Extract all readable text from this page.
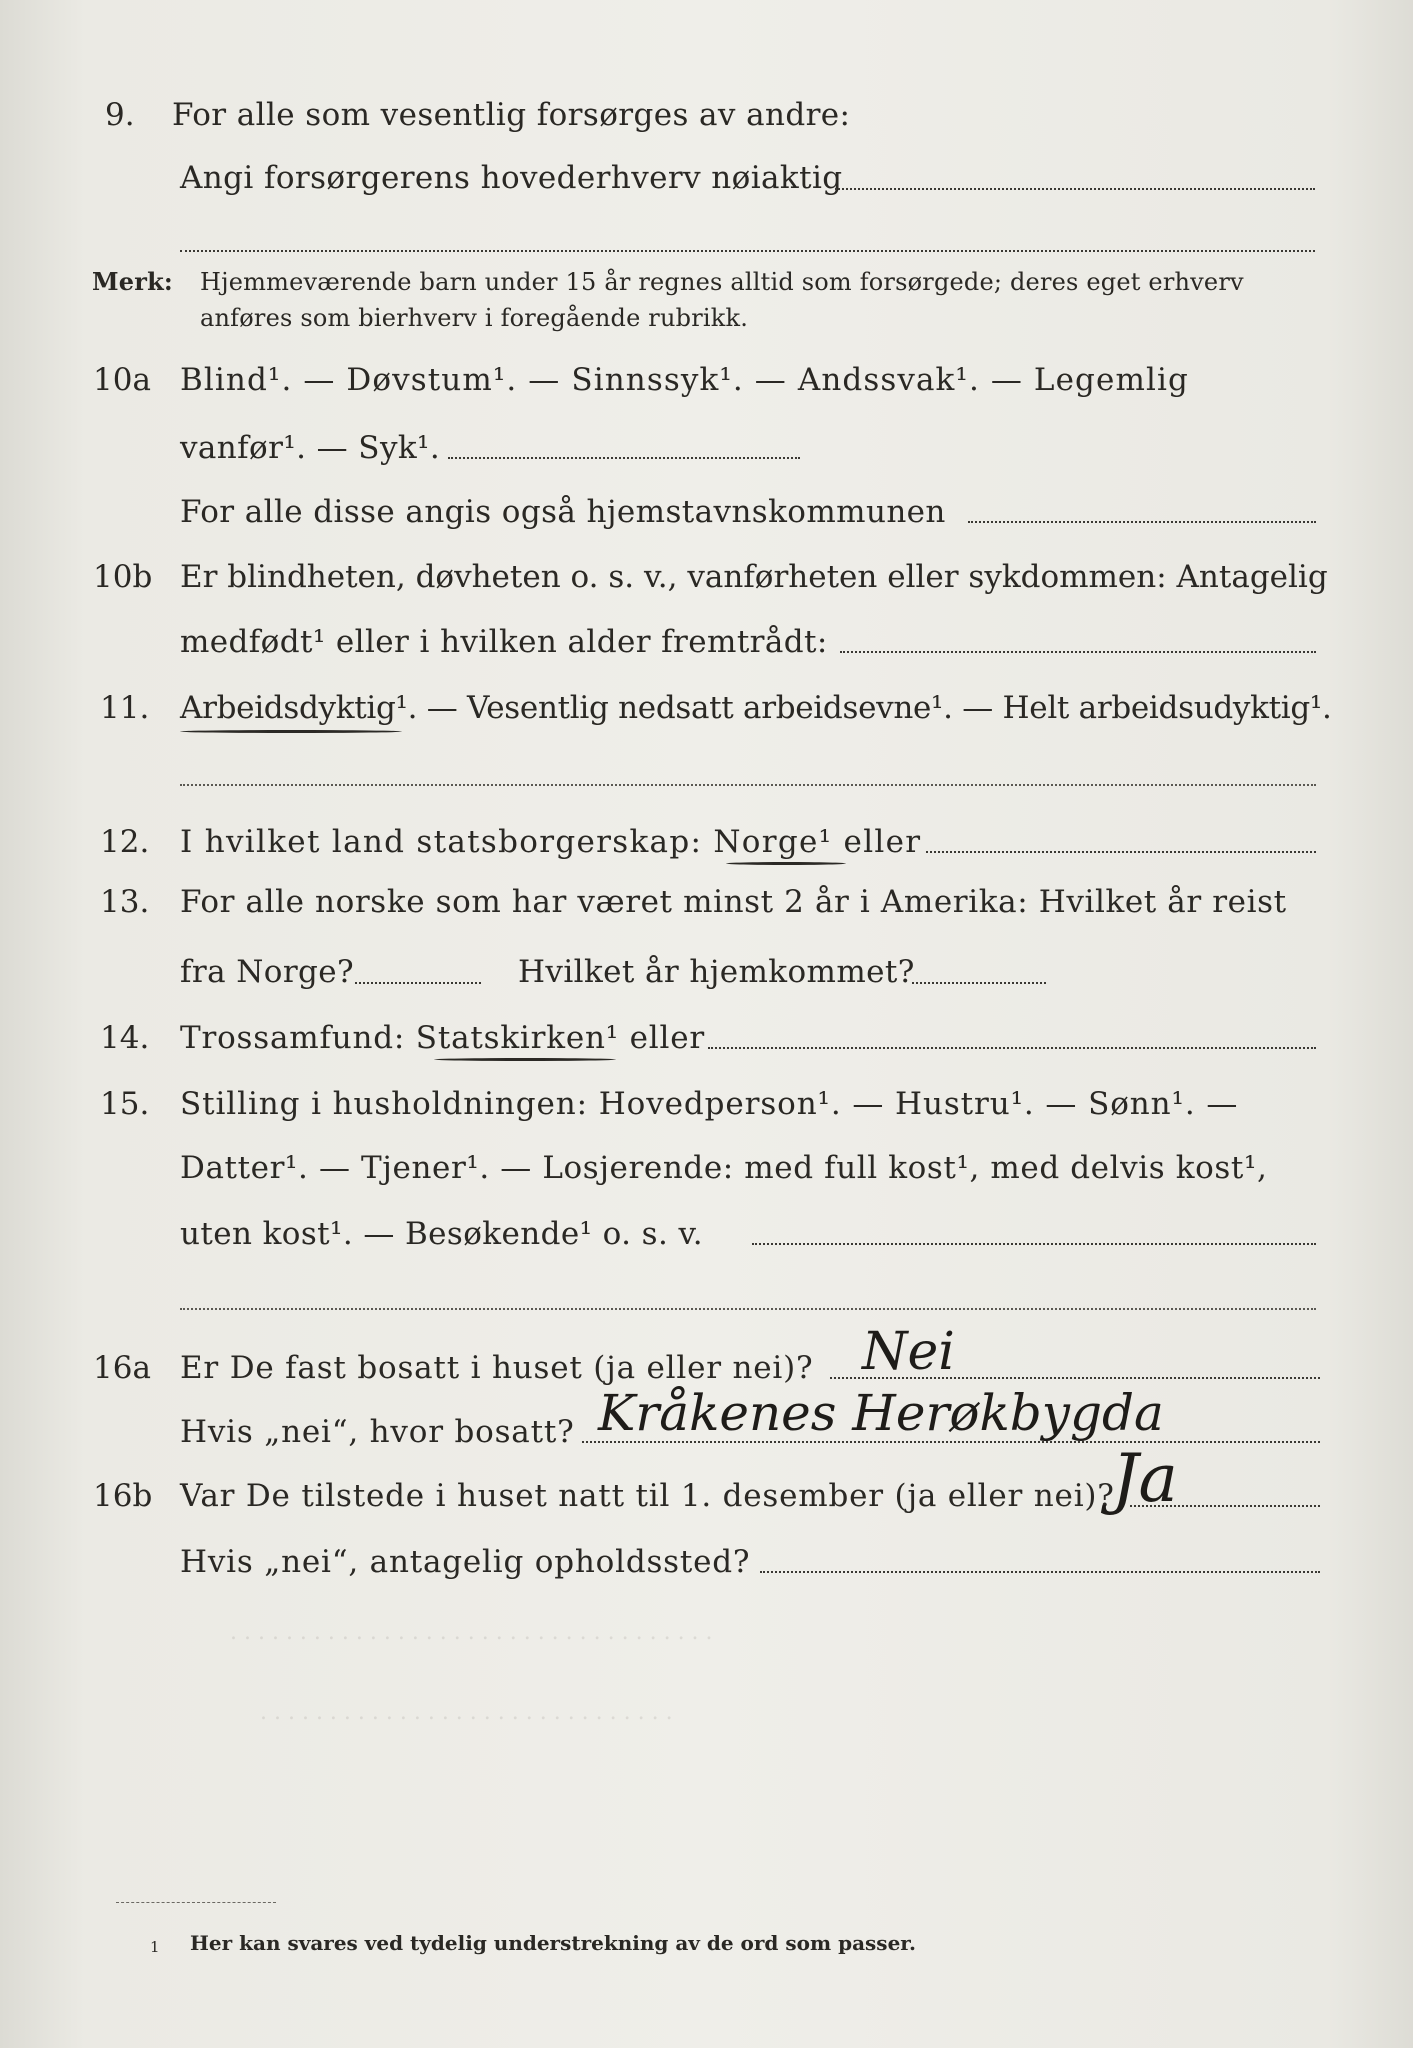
. . . . . . . . . . . . . . . . . . . . . . . . . . . . . . . . . . .
. . . . . . . . . . . . . . . . . . . . . . . . . . . . . .
9. For alle som vesentlig forsørges av andre:
Angi forsørgerens hovederhverv nøiaktig
Merk: Hjemmeværende barn under 15 år regnes alltid som forsørgede; deres eget erhverv
anføres som bierhverv i foregående rubrikk.
10a Blind¹. — Døvstum¹. — Sinnssyk¹. — Andssvak¹. — Legemlig
vanfør¹. — Syk¹.
For alle disse angis også hjemstavnskommunen
10b Er blindheten, døvheten o. s. v., vanførheten eller sykdommen: Antagelig
medfødt¹ eller i hvilken alder fremtrådt:
11. Arbeidsdyktig¹. — Vesentlig nedsatt arbeidsevne¹. — Helt arbeidsudyktig¹.
12. I hvilket land statsborgerskap: Norge¹ eller
13. For alle norske som har været minst 2 år i Amerika: Hvilket år reist
fra Norge?	Hvilket år hjemkommet?
14. Trossamfund: Statskirken¹ eller
15. Stilling i husholdningen: Hovedperson¹. — Hustru¹. — Sønn¹. —
Datter¹. — Tjener¹. — Losjerende: med full kost¹, med delvis kost¹,
uten kost¹. — Besøkende¹ o. s. v.
16a Er De fast bosatt i huset (ja eller nei)? Nei
Hvis „nei“, hvor bosatt? Kråkenes Herøkbygda
16b Var De tilstede i huset natt til 1. desember (ja eller nei)?
Ja
Hvis „nei“, antagelig opholdssted?
1 Her kan svares ved tydelig understrekning av de ord som passer.
